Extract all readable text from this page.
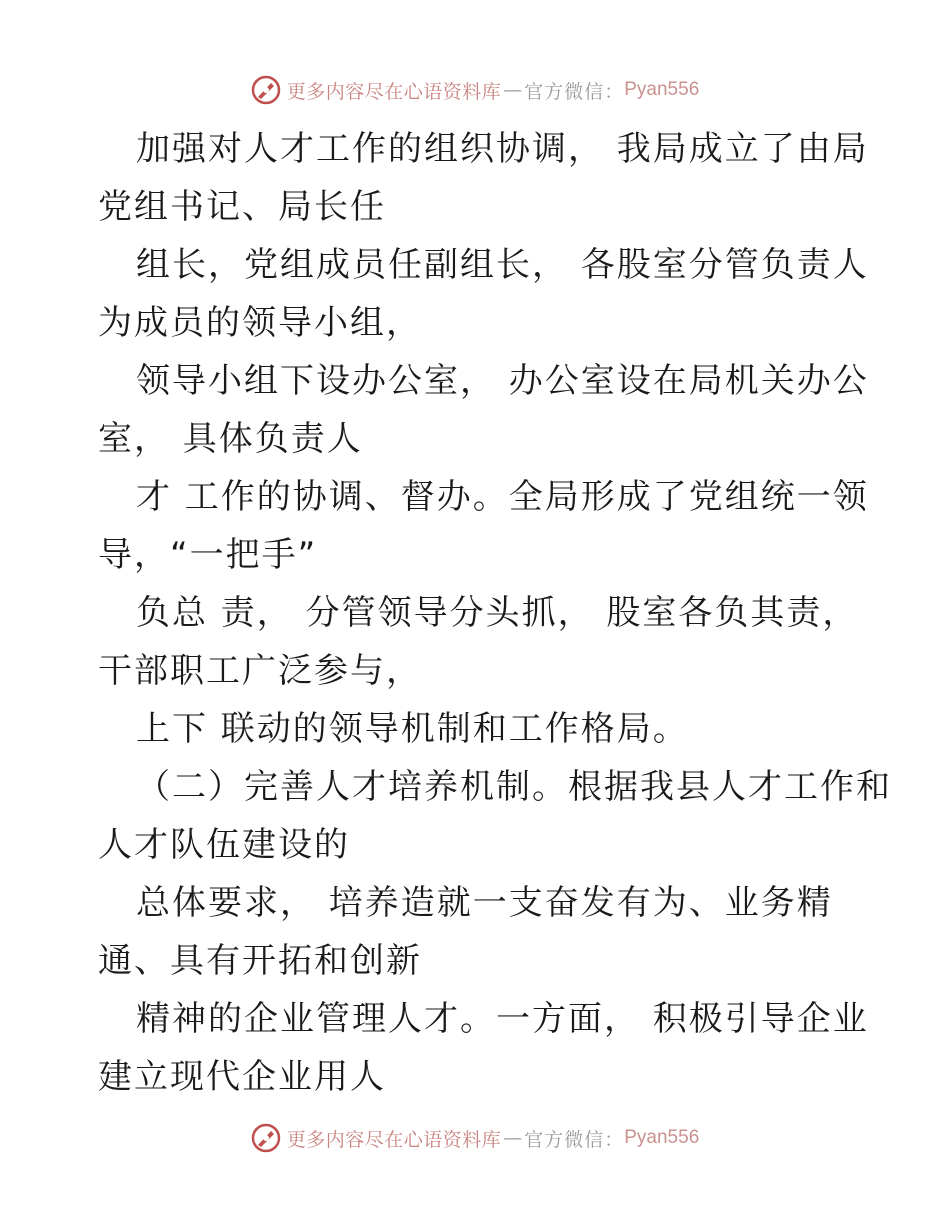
更多内容尽在心语资料库 — 官方微信： Pyan556

加强对人才工作的组织协调， 我局成立了由局
党组书记、局长任

组长，党组成员任副组长， 各股室分管负责人
为成员的领导小组，

领导小组下设办公室， 办公室设在局机关办公
室， 具体负责人

才 工作的协调、督办。全局形成了党组统一领
导，“一把手”

负总 责， 分管领导分头抓， 股室各负其责，
干部职工广泛参与，

上下 联动的领导机制和工作格局。

（二）完善人才培养机制。根据我县人才工作和
人才队伍建设的

总体要求， 培养造就一支奋发有为、业务精
通、具有开拓和创新

精神的企业管理人才。一方面， 积极引导企业
建立现代企业用人

更多内容尽在心语资料库 — 官方微信： Pyan556
